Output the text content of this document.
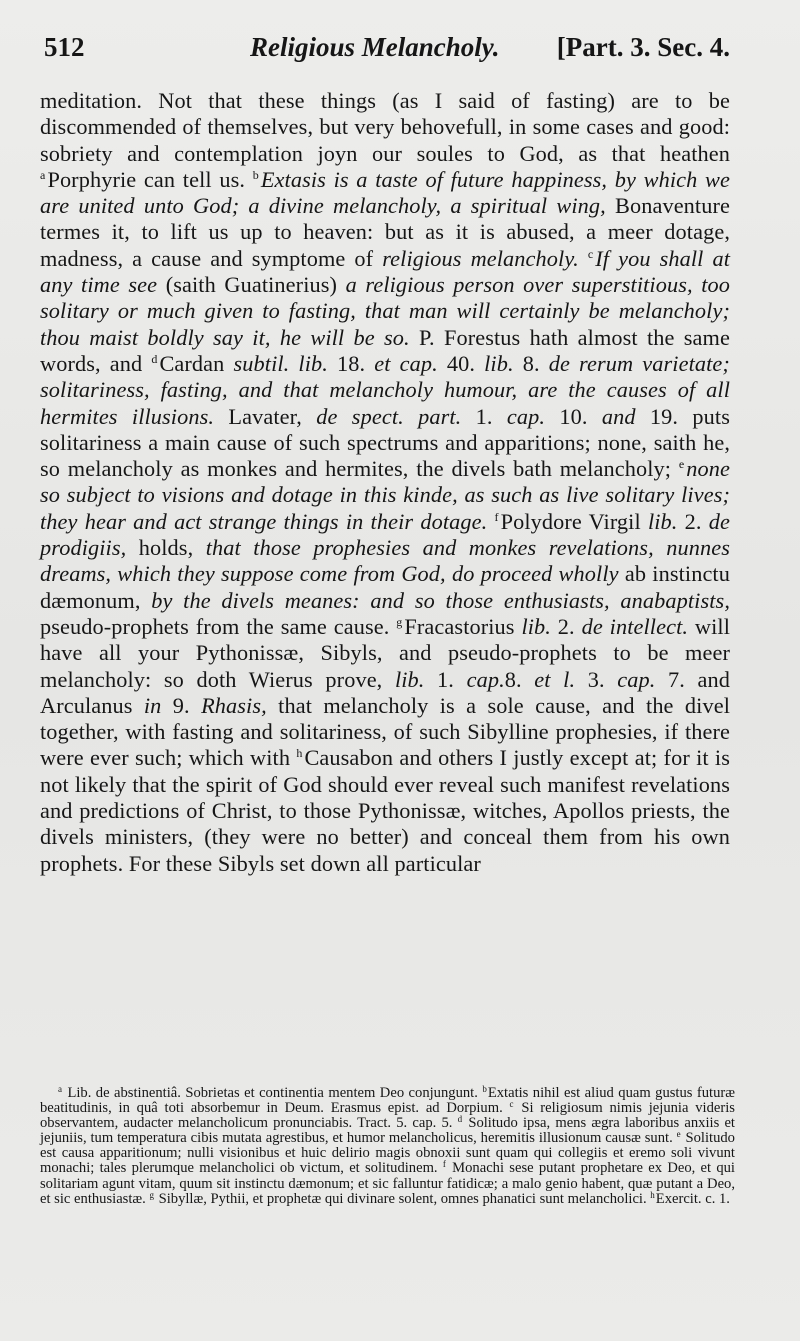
512	Religious Melancholy. [Part. 3. Sec. 4.
meditation. Not that these things (as I said of fasting) are to be discommended of themselves, but very behovefull, in some cases and good: sobriety and contemplation joyn our soules to God, as that heathen $^a$Porphyrie can tell us. $^b$Extasis is a taste of future happiness, by which we are united unto God; a divine melancholy, a spiritual wing, Bonaventure termes it, to lift us up to heaven: but as it is abused, a meer dotage, madness, a cause and symptome of religious melancholy. $^c$If you shall at any time see (saith Guatinerius) a religious person over superstitious, too solitary or much given to fasting, that man will certainly be melancholy; thou maist boldly say it, he will be so. P. Forestus hath almost the same words, and $^d$Cardan subtil. lib. 18. et cap. 40. lib. 8. de rerum varietate; solitariness, fasting, and that melancholy humour, are the causes of all hermites illusions. Lavater, de spect. part. 1. cap. 10. and 19. puts solitariness a main cause of such spectrums and apparitions; none, saith he, so melancholy as monkes and hermites, the divels bath melancholy; $^e$none so subject to visions and dotage in this kinde, as such as live solitary lives; they hear and act strange things in their dotage. $^f$Polydore Virgil lib. 2. de prodigiis, holds, that those prophesies and monkes revelations, nunnes dreams, which they suppose come from God, do proceed wholly ab instinctu dæmonum, by the divels meanes: and so those enthusiasts, anabaptists, pseudo-prophets from the same cause. $^g$Fracastorius lib. 2. de intellect. will have all your Pythonissæ, Sibyls, and pseudo-prophets to be meer melancholy: so doth Wierus prove, lib. 1. cap.8. et l. 3. cap. 7. and Arculanus in 9. Rhasis, that melancholy is a sole cause, and the divel together, with fasting and solitariness, of such Sibylline prophesies, if there were ever such; which with $^h$Causabon and others I justly except at; for it is not likely that the spirit of God should ever reveal such manifest revelations and predictions of Christ, to those Pythonissæ, witches, Apollos priests, the divels ministers, (they were no better) and conceal them from his own prophets. For these Sibyls set down all particular
$^a$ Lib. de abstinentiâ. Sobrietas et continentia mentem Deo conjungunt. $^b$Extatis nihil est aliud quam gustus futuræ beatitudinis, in quâ toti absorbemur in Deum. Erasmus epist. ad Dorpium. $^c$ Si religiosum nimis jejunia videris observantem, audacter melancholicum pronunciabis. Tract. 5. cap. 5. $^d$ Solitudo ipsa, mens ægra laboribus anxiis et jejuniis, tum temperatura cibis mutata agrestibus, et humor melancholicus, heremitis illusionum causæ sunt. $^e$ Solitudo est causa apparitionum; nulli visionibus et huic delirio magis obnoxii sunt quam qui collegiis et eremo soli vivunt monachi; tales plerumque melancholici ob victum, et solitudinem. $^f$ Monachi sese putant prophetare ex Deo, et qui solitariam agunt vitam, quum sit instinctu dæmonum; et sic falluntur fatidicæ; a malo genio habent, quæ putant a Deo, et sic enthusiastæ. $^g$ Sibyllæ, Pythii, et prophetæ qui divinare solent, omnes phanatici sunt melancholici. $^h$Exercit. c. 1.
